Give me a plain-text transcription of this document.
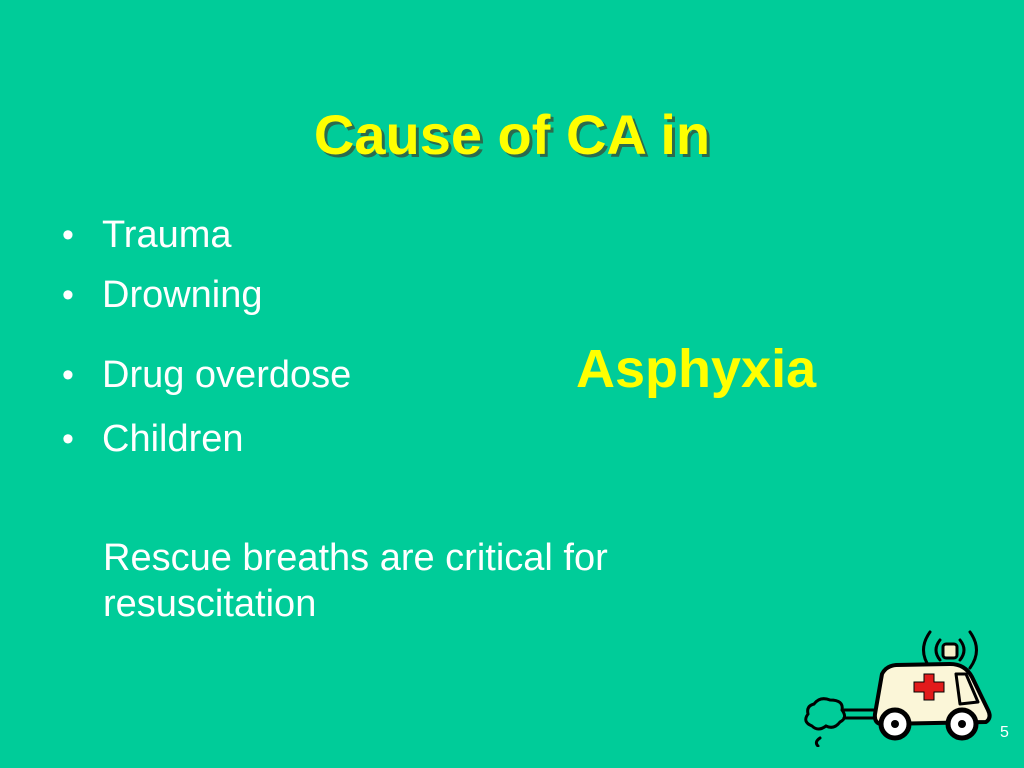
Cause of CA in
• Trauma
• Drowning
• Drug overdose
• Children
Asphyxia
Rescue breaths are critical for resuscitation
5
